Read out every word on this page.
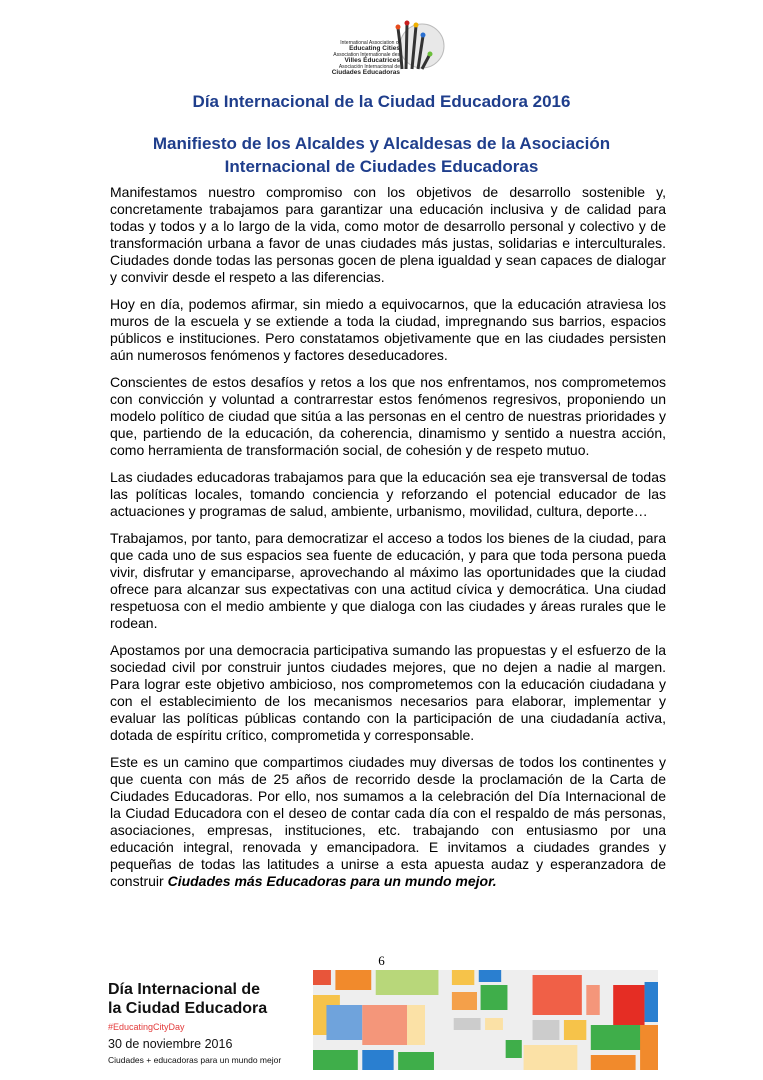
International Association of
Educating Cities
Association Internationale des
Villes Éducatrices
Asociación Internacional de
Ciudades Educadoras
Día Internacional de la Ciudad Educadora 2016
Manifiesto de los Alcaldes y Alcaldesas de la Asociación Internacional de Ciudades Educadoras

Manifestamos nuestro compromiso con los objetivos de desarrollo sostenible y, concretamente trabajamos para garantizar una educación inclusiva y de calidad para todas y todos y a lo largo de la vida, como motor de desarrollo personal y colectivo y de transformación urbana a favor de unas ciudades más justas, solidarias e interculturales. Ciudades donde todas las personas gocen de plena igualdad y sean capaces de dialogar y convivir desde el respeto a las diferencias.

Hoy en día, podemos afirmar, sin miedo a equivocarnos, que la educación atraviesa los muros de la escuela y se extiende a toda la ciudad, impregnando sus barrios, espacios públicos e instituciones. Pero constatamos objetivamente que en las ciudades persisten aún numerosos fenómenos y factores deseducadores.

Conscientes de estos desafíos y retos a los que nos enfrentamos, nos comprometemos con convicción y voluntad a contrarrestar estos fenómenos regresivos, proponiendo un modelo político de ciudad que sitúa a las personas en el centro de nuestras prioridades y que, partiendo de la educación, da coherencia, dinamismo y sentido a nuestra acción, como herramienta de transformación social, de cohesión y de respeto mutuo.

Las ciudades educadoras trabajamos para que la educación sea eje transversal de todas las políticas locales, tomando conciencia y reforzando el potencial educador de las actuaciones y programas de salud, ambiente, urbanismo, movilidad, cultura, deporte…

Trabajamos, por tanto, para democratizar el acceso a todos los bienes de la ciudad, para que cada uno de sus espacios sea fuente de educación, y para que toda persona pueda vivir, disfrutar y emanciparse, aprovechando al máximo las oportunidades que la ciudad ofrece para alcanzar sus expectativas con una actitud cívica y democrática. Una ciudad respetuosa con el medio ambiente y que dialoga con las ciudades y áreas rurales que le rodean.

Apostamos por una democracia participativa sumando las propuestas y el esfuerzo de la sociedad civil por construir juntos ciudades mejores, que no dejen a nadie al margen. Para lograr este objetivo ambicioso, nos comprometemos con la educación ciudadana y con el establecimiento de los mecanismos necesarios para elaborar, implementar y evaluar las políticas públicas contando con la participación de una ciudadanía activa, dotada de espíritu crítico, comprometida y corresponsable.

Este es un camino que compartimos ciudades muy diversas de todos los continentes y que cuenta con más de 25 años de recorrido desde la proclamación de la Carta de Ciudades Educadoras. Por ello, nos sumamos a la celebración del Día Internacional de la Ciudad Educadora con el deseo de contar cada día con el respaldo de más personas, asociaciones, empresas, instituciones, etc. trabajando con entusiasmo por una educación integral, renovada y emancipadora. E invitamos a ciudades grandes y pequeñas de todas las latitudes a unirse a esta apuesta audaz y esperanzadora de construir Ciudades más Educadoras para un mundo mejor.

6
Día Internacional de
la Ciudad Educadora
#EducatingCityDay
30 de noviembre 2016
Ciudades + educadoras para un mundo mejor
